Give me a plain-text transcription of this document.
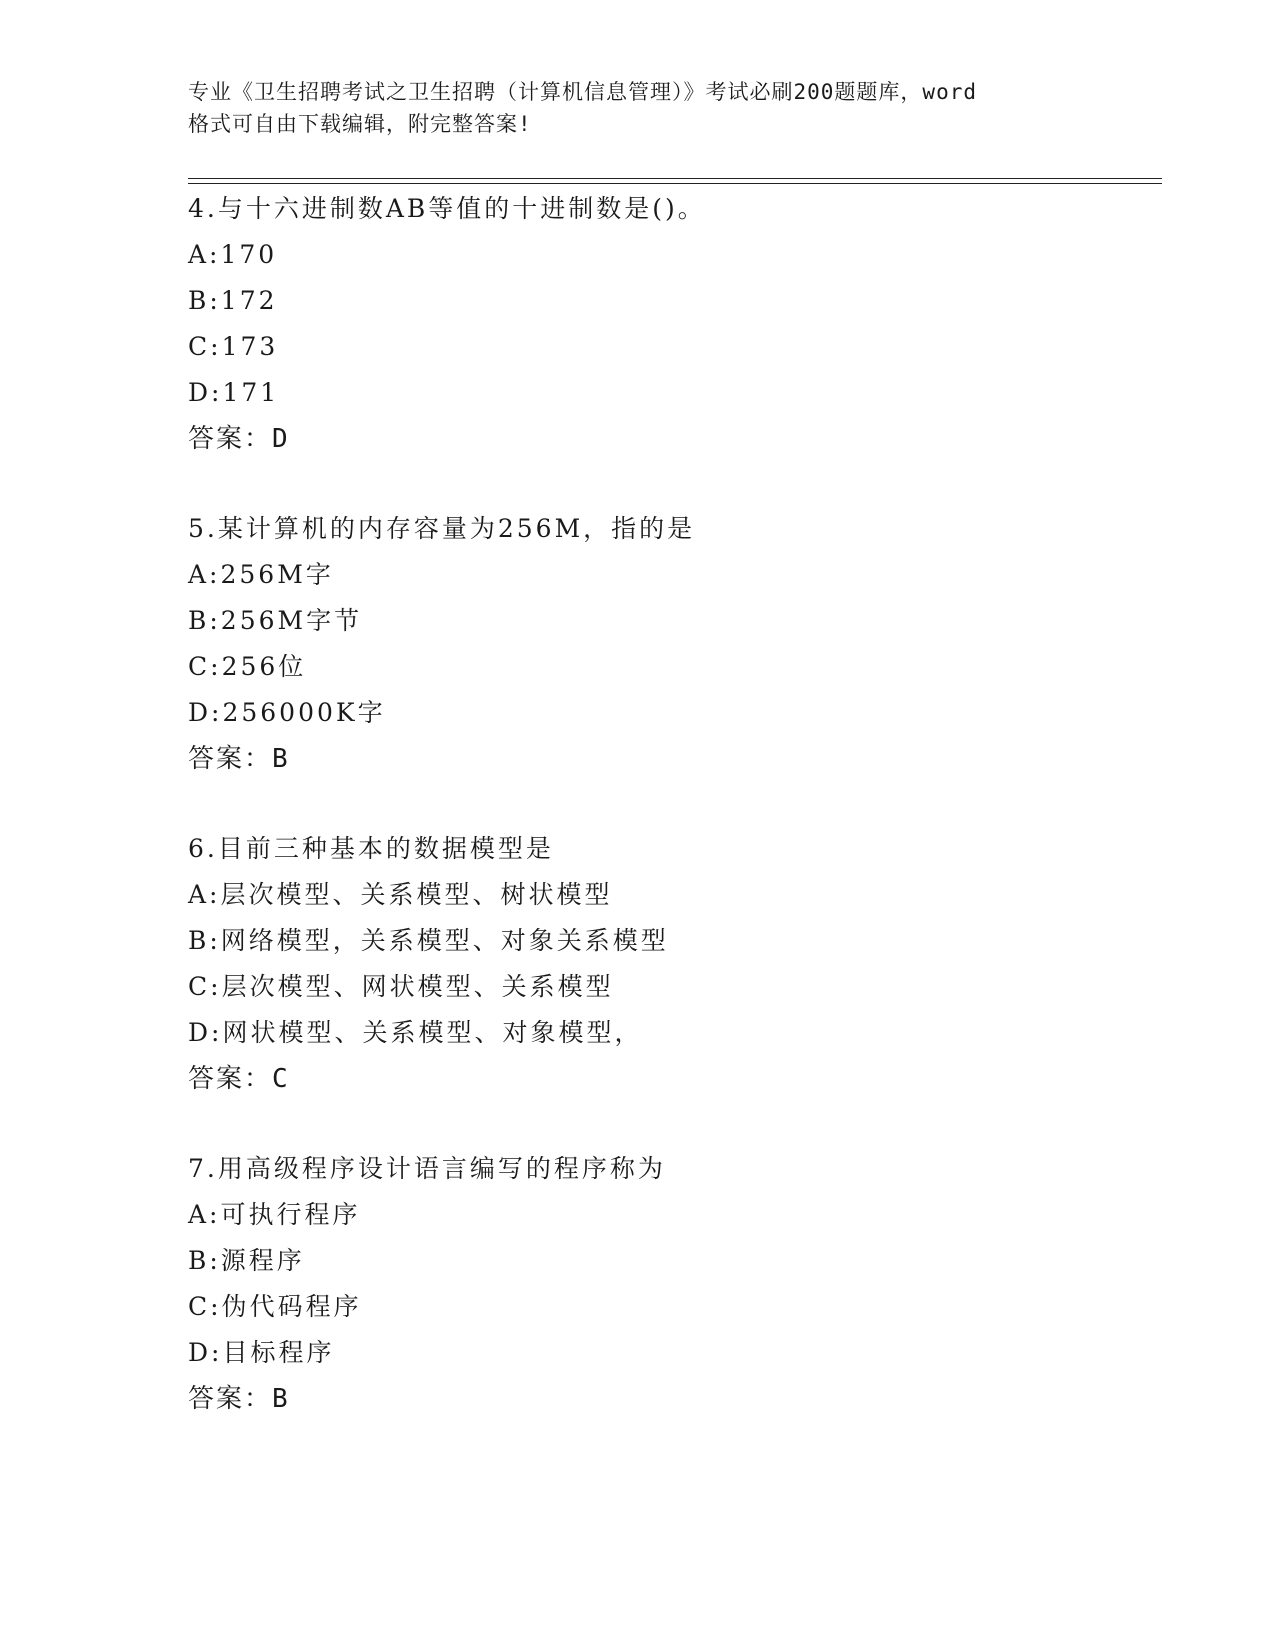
专业《卫生招聘考试之卫生招聘（计算机信息管理）》考试必刷200题题库，word
格式可自由下载编辑，附完整答案!
4.与十六进制数AB等值的十进制数是()。
A:170
B:172
C:173
D:171
答案：D
5.某计算机的内存容量为256M，指的是
A:256M字
B:256M字节
C:256位
D:256000K字
答案：B
6.目前三种基本的数据模型是
A:层次模型、关系模型、树状模型
B:网络模型，关系模型、对象关系模型
C:层次模型、网状模型、关系模型
D:网状模型、关系模型、对象模型，
答案：C
7.用高级程序设计语言编写的程序称为
A:可执行程序
B:源程序
C:伪代码程序
D:目标程序
答案：B
